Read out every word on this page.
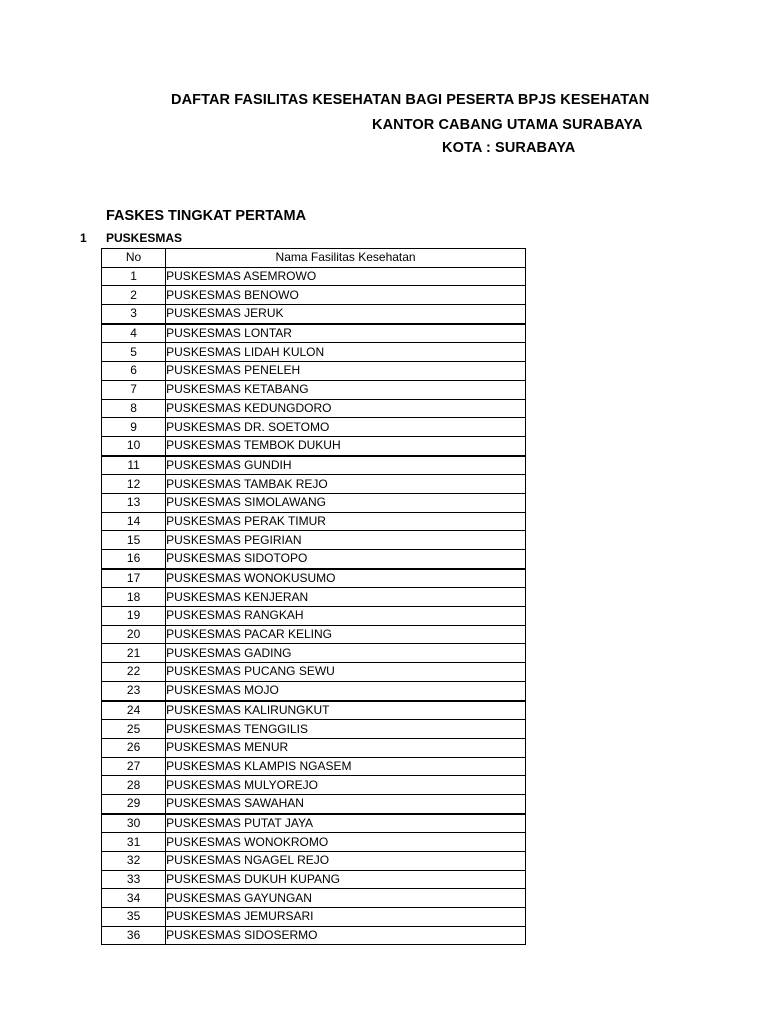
DAFTAR FASILITAS KESEHATAN BAGI PESERTA BPJS KESEHATAN
KANTOR CABANG UTAMA SURABAYA
KOTA : SURABAYA
FASKES TINGKAT PERTAMA
1 PUSKESMAS
No	Nama Fasilitas Kesehatan
1	PUSKESMAS ASEMROWO
2	PUSKESMAS BENOWO
3	PUSKESMAS JERUK
4	PUSKESMAS LONTAR
5	PUSKESMAS LIDAH KULON
6	PUSKESMAS PENELEH
7	PUSKESMAS KETABANG
8	PUSKESMAS KEDUNGDORO
9	PUSKESMAS DR. SOETOMO
10	PUSKESMAS TEMBOK DUKUH
11	PUSKESMAS GUNDIH
12	PUSKESMAS TAMBAK REJO
13	PUSKESMAS SIMOLAWANG
14	PUSKESMAS PERAK TIMUR
15	PUSKESMAS PEGIRIAN
16	PUSKESMAS SIDOTOPO
17	PUSKESMAS WONOKUSUMO
18	PUSKESMAS KENJERAN
19	PUSKESMAS RANGKAH
20	PUSKESMAS PACAR KELING
21	PUSKESMAS GADING
22	PUSKESMAS PUCANG SEWU
23	PUSKESMAS MOJO
24	PUSKESMAS KALIRUNGKUT
25	PUSKESMAS TENGGILIS
26	PUSKESMAS MENUR
27	PUSKESMAS KLAMPIS NGASEM
28	PUSKESMAS MULYOREJO
29	PUSKESMAS SAWAHAN
30	PUSKESMAS PUTAT JAYA
31	PUSKESMAS WONOKROMO
32	PUSKESMAS NGAGEL REJO
33	PUSKESMAS DUKUH KUPANG
34	PUSKESMAS GAYUNGAN
35	PUSKESMAS JEMURSARI
36	PUSKESMAS SIDOSERMO
